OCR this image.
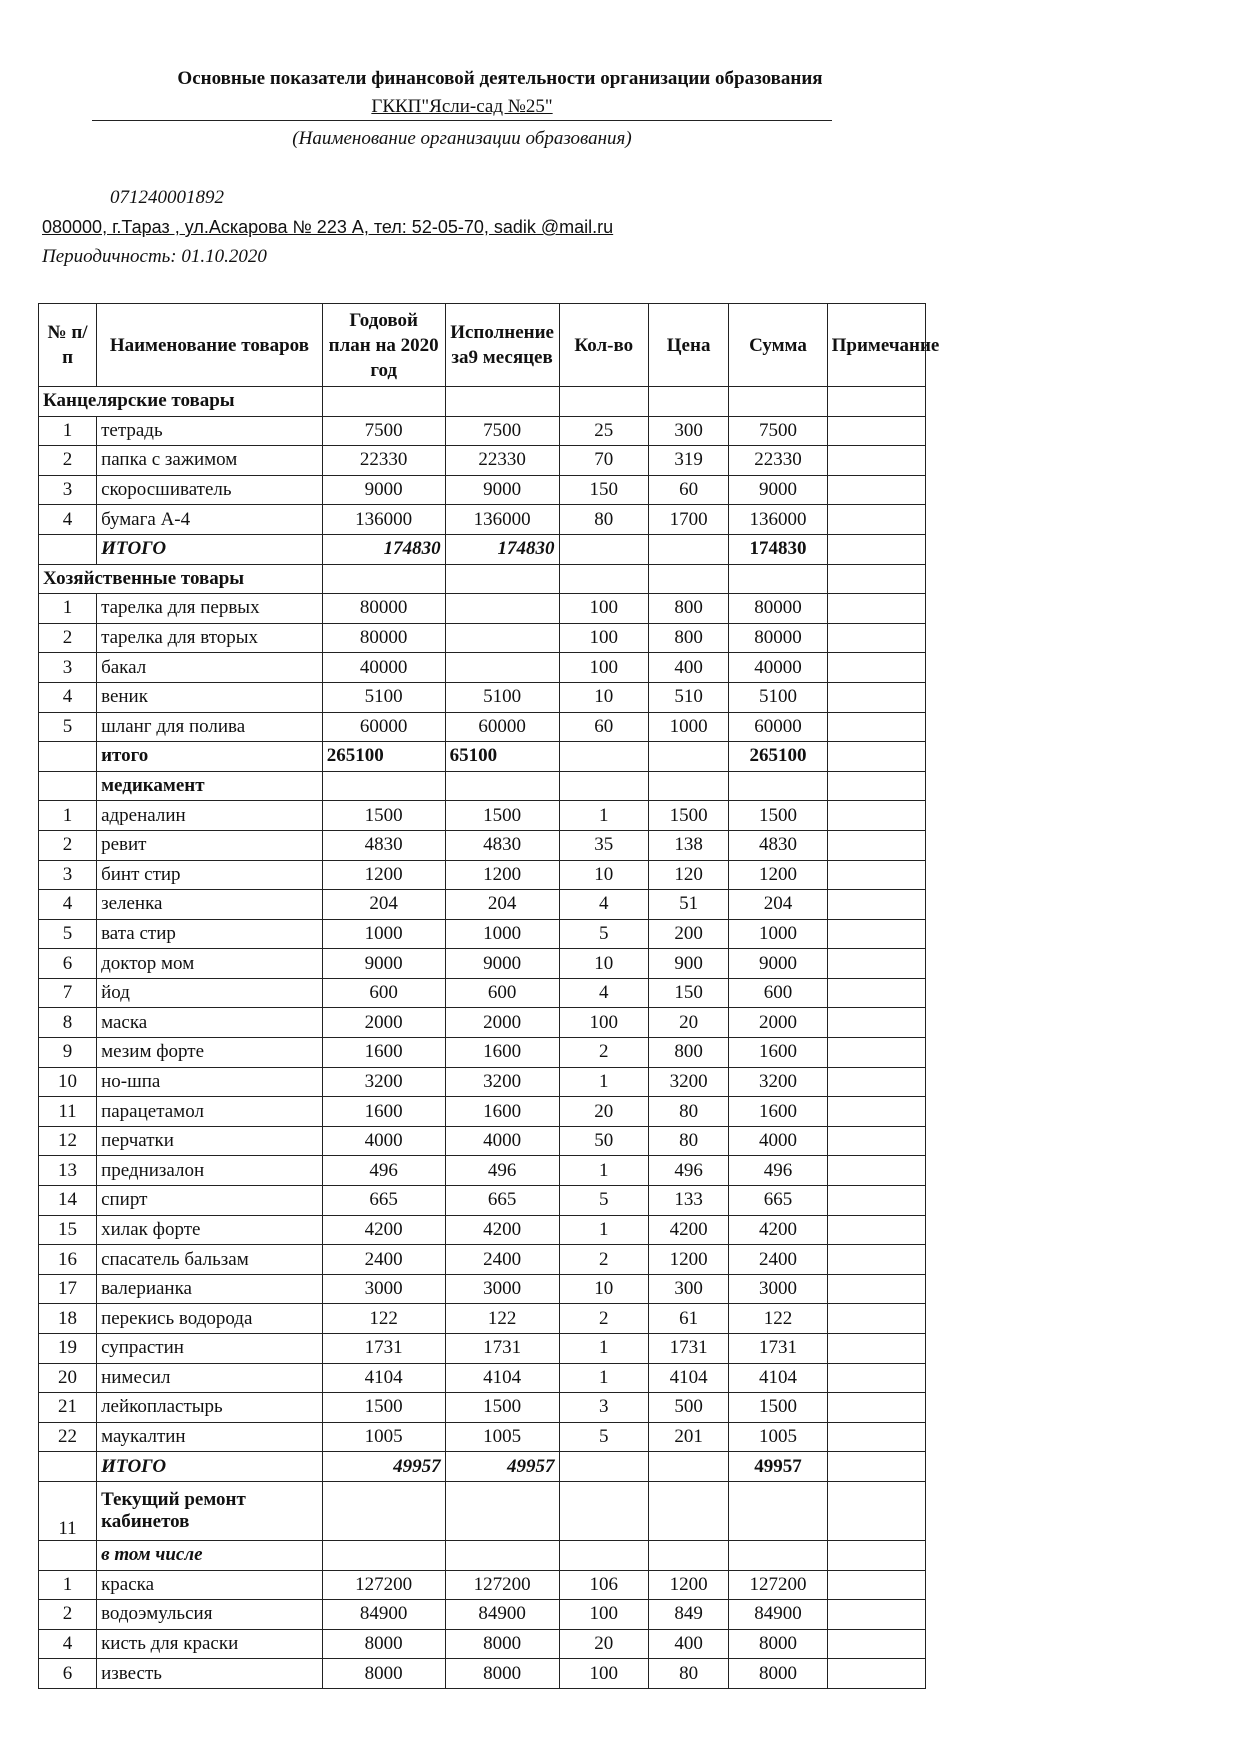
Основные показатели финансовой деятельности организации образования
ГККП"Ясли-сад №25"
(Наименование организации образования)
071240001892
080000, г.Тараз , ул.Аскарова № 223 А, тел: 52-05-70, sadik @mail.ru
Периодичность: 01.10.2020
№ п/п	Наименование товаров	Годовой план на 2020 год	Исполнение за9 месяцев	Кол-во	Цена	Сумма	Примечание
Канцелярские товары							
1	тетрадь	7500	7500	25	300	7500	
2	папка с зажимом	22330	22330	70	319	22330	
3	скоросшиватель	9000	9000	150	60	9000	
4	бумага А-4	136000	136000	80	1700	136000	
	ИТОГО	174830	174830			174830	
Хозяйственные товары							
1	тарелка для первых	80000		100	800	80000	
2	тарелка для вторых	80000		100	800	80000	
3	бакал	40000		100	400	40000	
4	веник	5100	5100	10	510	5100	
5	шланг для полива	60000	60000	60	1000	60000	
	итого	265100	65100			265100	
	медикамент						
1	адреналин	1500	1500	1	1500	1500	
2	ревит	4830	4830	35	138	4830	
3	бинт стир	1200	1200	10	120	1200	
4	зеленка	204	204	4	51	204	
5	вата стир	1000	1000	5	200	1000	
6	доктор мом	9000	9000	10	900	9000	
7	йод	600	600	4	150	600	
8	маска	2000	2000	100	20	2000	
9	мезим форте	1600	1600	2	800	1600	
10	но-шпа	3200	3200	1	3200	3200	
11	парацетамол	1600	1600	20	80	1600	
12	перчатки	4000	4000	50	80	4000	
13	преднизалон	496	496	1	496	496	
14	спирт	665	665	5	133	665	
15	хилак форте	4200	4200	1	4200	4200	
16	спасатель бальзам	2400	2400	2	1200	2400	
17	валерианка	3000	3000	10	300	3000	
18	перекись водорода	122	122	2	61	122	
19	супрастин	1731	1731	1	1731	1731	
20	нимесил	4104	4104	1	4104	4104	
21	лейкопластырь	1500	1500	3	500	1500	
22	маукалтин	1005	1005	5	201	1005	
	ИТОГО	49957	49957			49957	
11	Текущий ремонт кабинетов						
	в том числе						
1	краска	127200	127200	106	1200	127200	
2	водоэмульсия	84900	84900	100	849	84900	
4	кисть для краски	8000	8000	20	400	8000	
6	известь	8000	8000	100	80	8000	
